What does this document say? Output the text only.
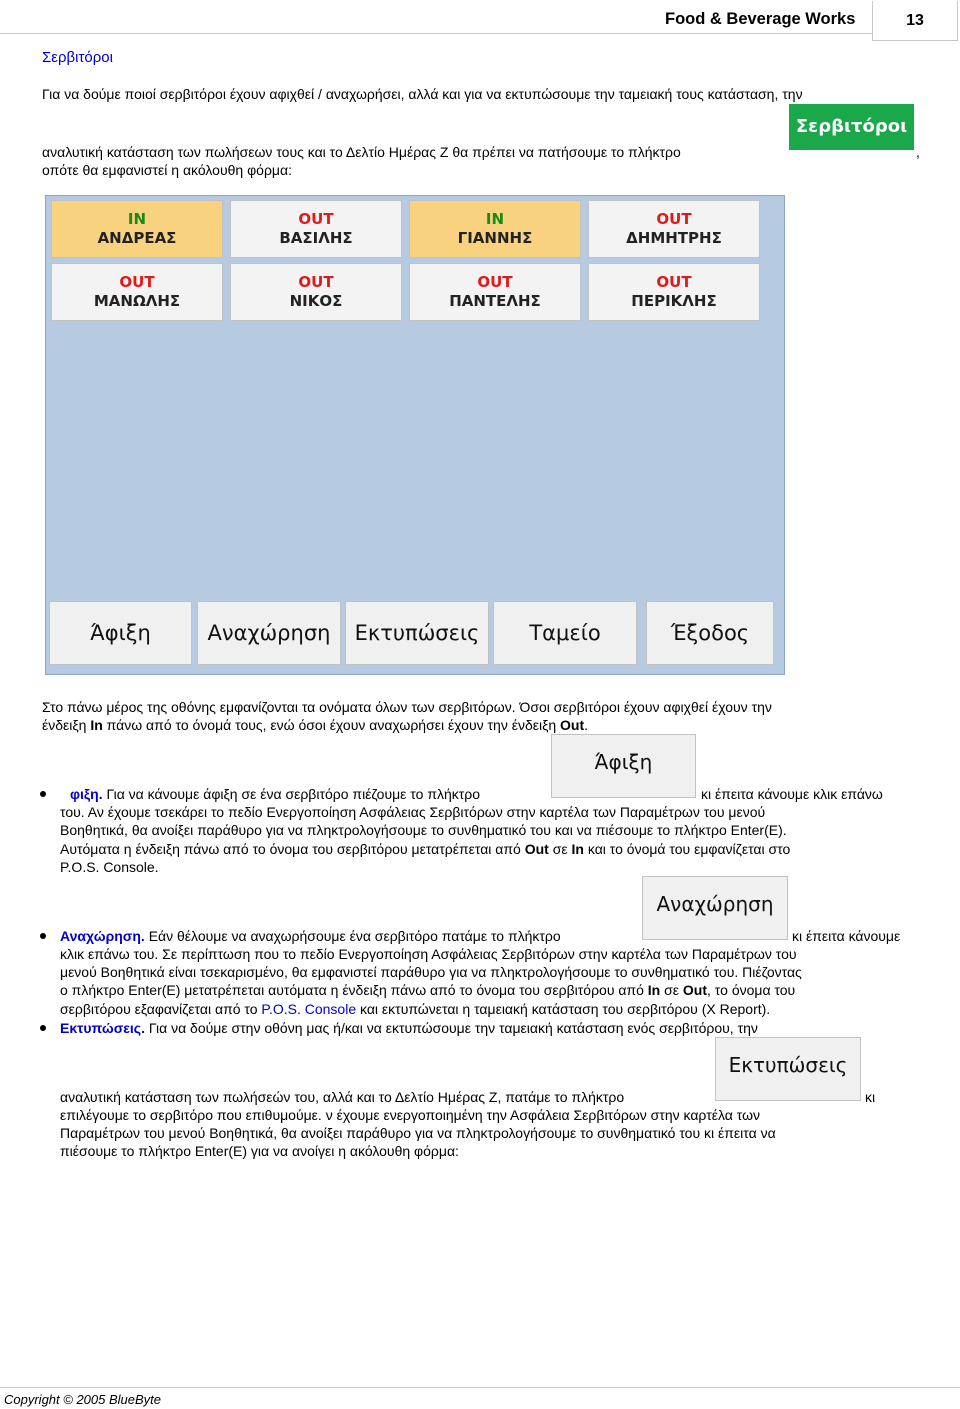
Food & Beverage Works	13
Σερβιτόροι
Για να δούμε ποιοί σερβιτόροι έχουν αφιχθεί / αναχωρήσει, αλλά και για να εκτυπώσουμε την ταμειακή τους κατάσταση, την
αναλυτική κατάσταση των πωλήσεων τους και το Δελτίο Ημέρας Ζ θα πρέπει να πατήσουμε το πλήκτρο	,
οπότε θα εμφανιστεί η ακόλουθη φόρμα:
Σερβιτόροι
IN
ΑΝΔΡΕΑΣ
OUT
ΒΑΣΙΛΗΣ
IN
ΓΙΑΝΝΗΣ
OUT
ΔΗΜΗΤΡΗΣ
OUT
ΜΑΝΩΛΗΣ
OUT
ΝΙΚΟΣ
OUT
ΠΑΝΤΕΛΗΣ
OUT
ΠΕΡΙΚΛΗΣ
Άφιξη	Αναχώρηση	Εκτυπώσεις	Ταμείο	Έξοδος
Στο πάνω μέρος της οθόνης εμφανίζονται τα ονόματα όλων των σερβιτόρων. Όσοι σερβιτόροι έχουν αφιχθεί έχουν την
ένδειξη In πάνω από το όνομά τους, ενώ όσοι έχουν αναχωρήσει έχουν την ένδειξη Out.
φιξη. Για να κάνουμε άφιξη σε ένα σερβιτόρο πιέζουμε το πλήκτρο
Άφιξη
κι έπειτα κάνουμε κλικ επάνω
του. Αν έχουμε τσεκάρει το πεδίο Ενεργοποίηση Ασφάλειας Σερβιτόρων στην καρτέλα των Παραμέτρων του μενού
Βοηθητικά, θα ανοίξει παράθυρο για να πληκτρολογήσουμε το συνθηματικό του και να πιέσουμε το πλήκτρο Enter(E).
Αυτόματα η ένδειξη πάνω από το όνομα του σερβιτόρου μετατρέπεται από Out σε In και το όνομά του εμφανίζεται στο
P.O.S. Console.
Αναχώρηση. Εάν θέλουμε να αναχωρήσουμε ένα σερβιτόρο πατάμε το πλήκτρο
Αναχώρηση
κι έπειτα κάνουμε
κλικ επάνω του. Σε περίπτωση που το πεδίο Ενεργοποίηση Ασφάλειας Σερβιτόρων στην καρτέλα των Παραμέτρων του
μενού Βοηθητικά είναι τσεκαρισμένο, θα εμφανιστεί παράθυρο για να πληκτρολογήσουμε το συνθηματικό του. Πιέζοντας
ο πλήκτρο Enter(E) μετατρέπεται αυτόματα η ένδειξη πάνω από το όνομα του σερβιτόρου από In σε Out, το όνομα του
σερβιτόρου εξαφανίζεται από το P.O.S. Console και εκτυπώνεται η ταμειακή κατάσταση του σερβιτόρου (X Report).
Εκτυπώσεις. Για να δούμε στην οθόνη μας ή/και να εκτυπώσουμε την ταμειακή κατάσταση ενός σερβιτόρου, την
Εκτυπώσεις
αναλυτική κατάσταση των πωλήσεών του, αλλά και το Δελτίο Ημέρας Ζ, πατάμε το πλήκτρο	κι
επιλέγουμε το σερβιτόρο που επιθυμούμε. ν έχουμε ενεργοποιημένη την Ασφάλεια Σερβιτόρων στην καρτέλα των
Παραμέτρων του μενού Βοηθητικά, θα ανοίξει παράθυρο για να πληκτρολογήσουμε το συνθηματικό του κι έπειτα να
πιέσουμε το πλήκτρο Enter(E) για να ανοίγει η ακόλουθη φόρμα:
Copyright © 2005 BlueByte
